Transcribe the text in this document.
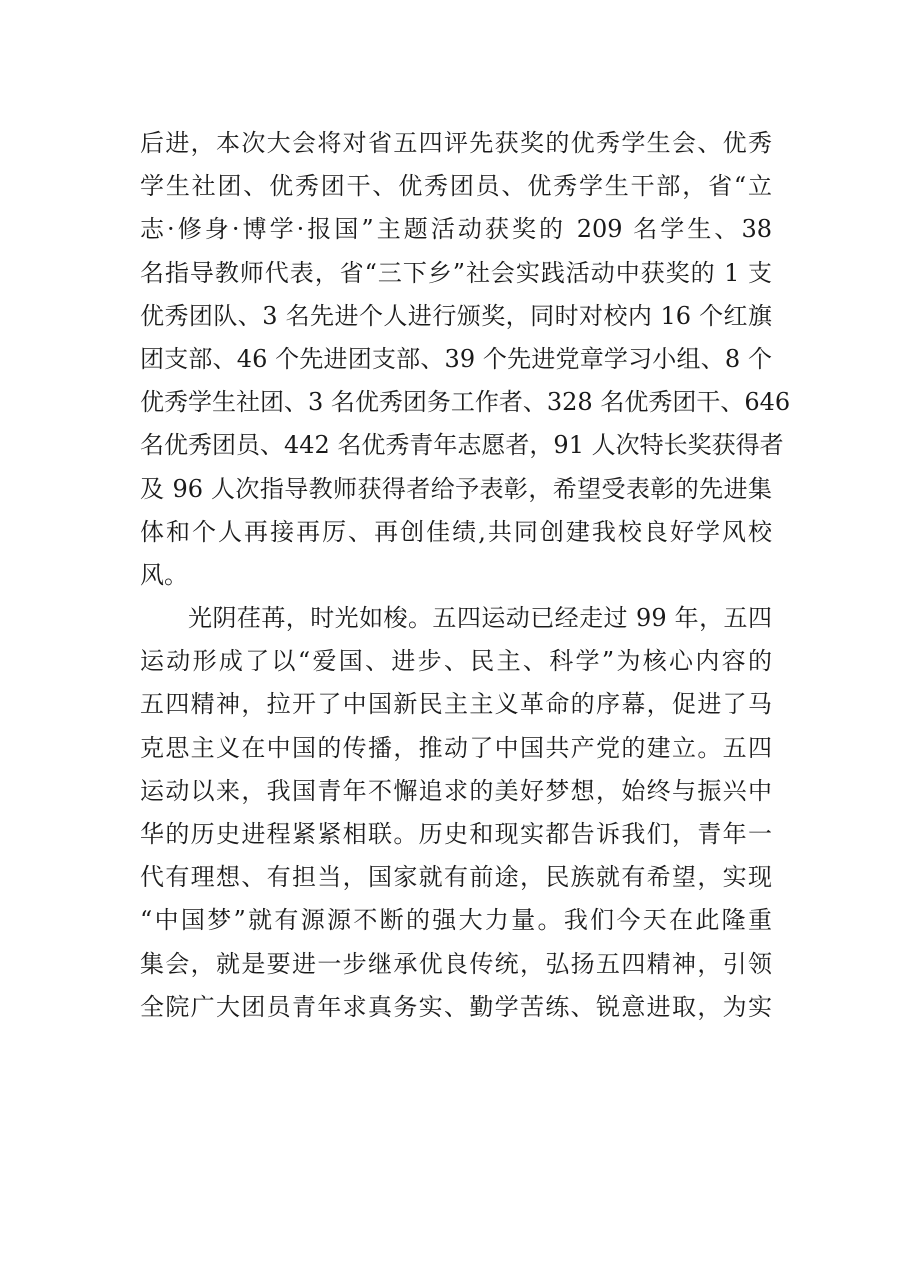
后进，本次大会将对省五四评先获奖的优秀学生会、优秀
学生社团、优秀团干、优秀团员、优秀学生干部，省“立
志·修身·博学·报国”主题活动获奖的 209 名学生、38
名指导教师代表，省“三下乡”社会实践活动中获奖的 1 支
优秀团队、3 名先进个人进行颁奖，同时对校内 16 个红旗
团支部、46 个先进团支部、39 个先进党章学习小组、8 个
优秀学生社团、3 名优秀团务工作者、328 名优秀团干、646
名优秀团员、442 名优秀青年志愿者，91 人次特长奖获得者
及 96 人次指导教师获得者给予表彰，希望受表彰的先进集
体和个人再接再厉、再创佳绩,共同创建我校良好学风校
风。
光阴荏苒，时光如梭。五四运动已经走过 99 年，五四
运动形成了以“爱国、进步、民主、科学”为核心内容的
五四精神，拉开了中国新民主主义革命的序幕，促进了马
克思主义在中国的传播，推动了中国共产党的建立。五四
运动以来，我国青年不懈追求的美好梦想，始终与振兴中
华的历史进程紧紧相联。历史和现实都告诉我们，青年一
代有理想、有担当，国家就有前途，民族就有希望，实现
“中国梦”就有源源不断的强大力量。我们今天在此隆重
集会，就是要进一步继承优良传统，弘扬五四精神，引领
全院广大团员青年求真务实、勤学苦练、锐意进取，为实
